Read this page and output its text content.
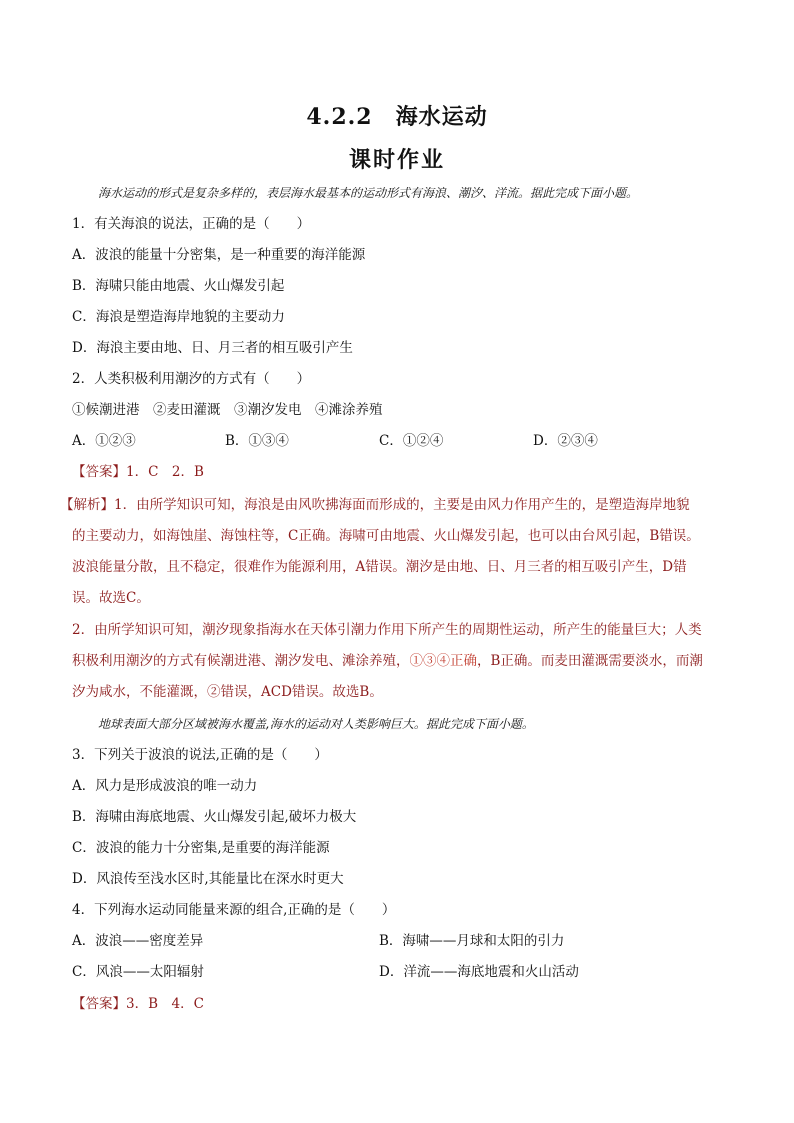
4.2.2　海水运动
课时作业
海水运动的形式是复杂多样的，表层海水最基本的运动形式有海浪、潮汐、洋流。据此完成下面小题。
1．有关海浪的说法，正确的是（　　）
A．波浪的能量十分密集，是一种重要的海洋能源
B．海啸只能由地震、火山爆发引起
C．海浪是塑造海岸地貌的主要动力
D．海浪主要由地、日、月三者的相互吸引产生
2．人类积极利用潮汐的方式有（　　）
①候潮进港　②麦田灌溉　③潮汐发电　④滩涂养殖
A．①②③	B．①③④	C．①②④	D．②③④
【答案】1．C　2．B
【解析】1．由所学知识可知，海浪是由风吹拂海面而形成的，主要是由风力作用产生的，是塑造海岸地貌
的主要动力，如海蚀崖、海蚀柱等，C正确。海啸可由地震、火山爆发引起，也可以由台风引起，B错误。
波浪能量分散，且不稳定，很难作为能源利用，A错误。潮汐是由地、日、月三者的相互吸引产生，D错
误。故选C。
2．由所学知识可知，潮汐现象指海水在天体引潮力作用下所产生的周期性运动，所产生的能量巨大；人类
积极利用潮汐的方式有候潮进港、潮汐发电、滩涂养殖，①③④正确，B正确。而麦田灌溉需要淡水，而潮
汐为咸水，不能灌溉，②错误，ACD错误。故选B。
地球表面大部分区域被海水覆盖,海水的运动对人类影响巨大。据此完成下面小题。
3．下列关于波浪的说法,正确的是（　　）
A．风力是形成波浪的唯一动力
B．海啸由海底地震、火山爆发引起,破坏力极大
C．波浪的能力十分密集,是重要的海洋能源
D．风浪传至浅水区时,其能量比在深水时更大
4．下列海水运动同能量来源的组合,正确的是（　　）
A．波浪——密度差异	B．海啸——月球和太阳的引力
C．风浪——太阳辐射	D．洋流——海底地震和火山活动
【答案】3．B　4．C
